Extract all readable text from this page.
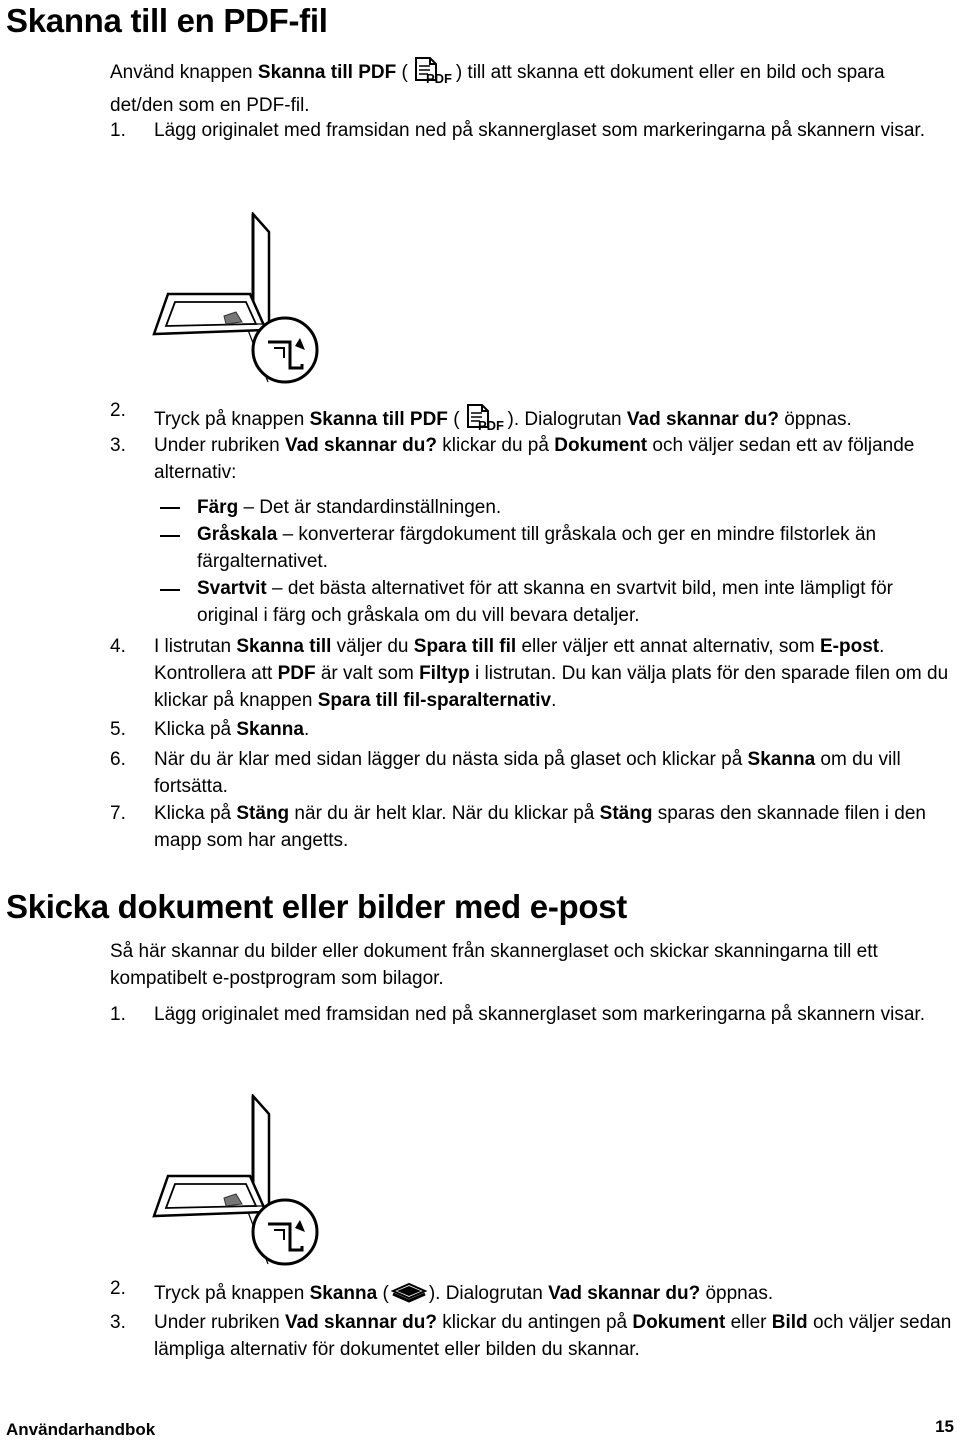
Skanna till en PDF-fil

Använd knappen Skanna till PDF ( PDF ) till att skanna ett dokument eller en bild och spara det/den som en PDF-fil.

1. Lägg originalet med framsidan ned på skannerglaset som markeringarna på skannern visar.

2. Tryck på knappen Skanna till PDF ( PDF ). Dialogrutan Vad skannar du? öppnas.

3. Under rubriken Vad skannar du? klickar du på Dokument och väljer sedan ett av följande alternativ:

Färg – Det är standardinställningen.

Gråskala – konverterar färgdokument till gråskala och ger en mindre filstorlek än färgalternativet.

Svartvit – det bästa alternativet för att skanna en svartvit bild, men inte lämpligt för original i färg och gråskala om du vill bevara detaljer.

4. I listrutan Skanna till väljer du Spara till fil eller väljer ett annat alternativ, som E-post. Kontrollera att PDF är valt som Filtyp i listrutan. Du kan välja plats för den sparade filen om du klickar på knappen Spara till fil-sparalternativ.

5. Klicka på Skanna.

6. När du är klar med sidan lägger du nästa sida på glaset och klickar på Skanna om du vill fortsätta.

7. Klicka på Stäng när du är helt klar. När du klickar på Stäng sparas den skannade filen i den mapp som har angetts.

Skicka dokument eller bilder med e-post

Så här skannar du bilder eller dokument från skannerglaset och skickar skanningarna till ett kompatibelt e-postprogram som bilagor.

1. Lägg originalet med framsidan ned på skannerglaset som markeringarna på skannern visar.

2. Tryck på knappen Skanna ( ). Dialogrutan Vad skannar du? öppnas.

3. Under rubriken Vad skannar du? klickar du antingen på Dokument eller Bild och väljer sedan lämpliga alternativ för dokumentet eller bilden du skannar.

Användarhandbok	15
